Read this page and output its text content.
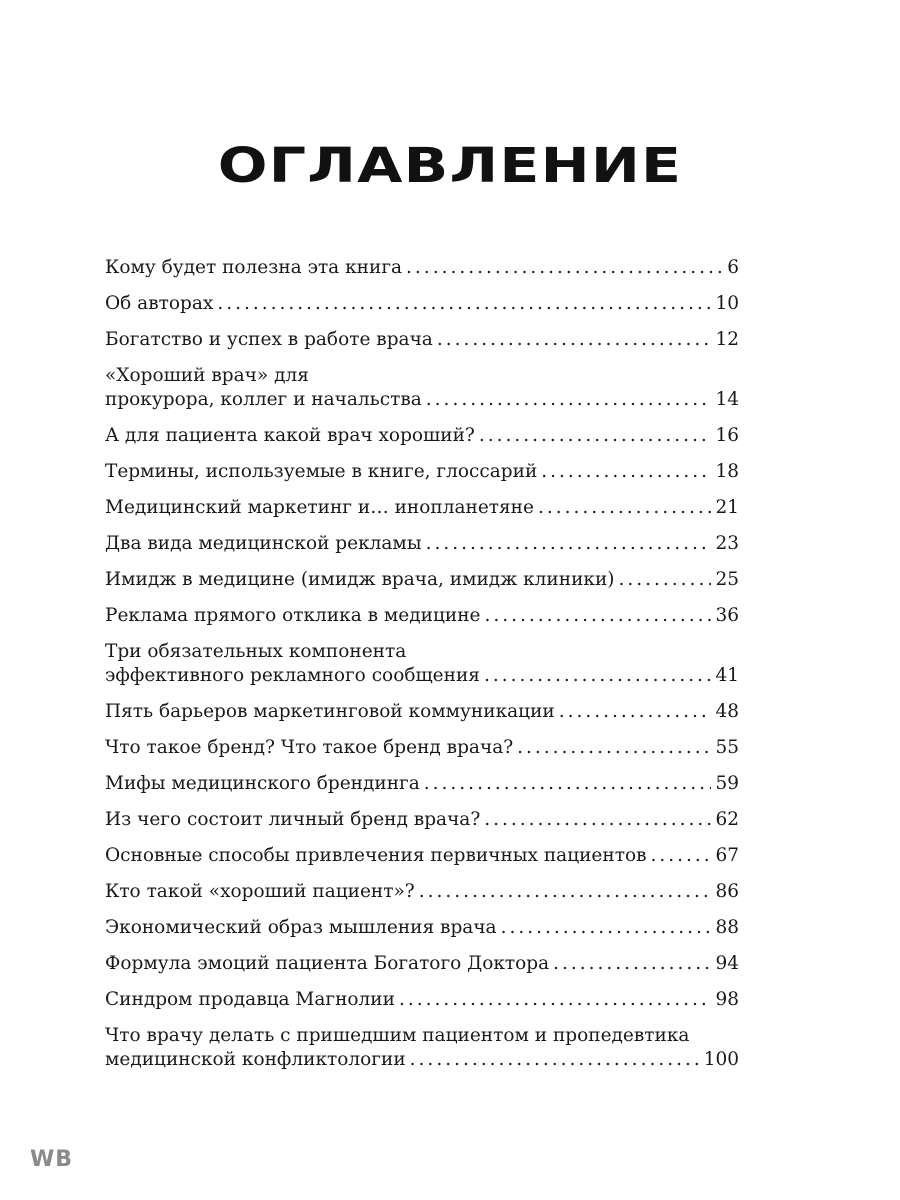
ОГЛАВЛЕНИЕ
Кому будет полезна эта книга .....	6
Об авторах .....	10
Богатство и успех в работе врача .....	12
«Хороший врач» для
прокурора, коллег и начальства .....	14
А для пациента какой врач хороший? .....	16
Термины, используемые в книге, глоссарий .....	18
Медицинский маркетинг и… инопланетяне .....	21
Два вида медицинской рекламы .....	23
Имидж в медицине (имидж врача, имидж клиники) .....	25
Реклама прямого отклика в медицине .....	36
Три обязательных компонента
эффективного рекламного сообщения .....	41
Пять барьеров маркетинговой коммуникации .....	48
Что такое бренд? Что такое бренд врача? .....	55
Мифы медицинского брендинга .....	59
Из чего состоит личный бренд врача? .....	62
Основные способы привлечения первичных пациентов .....	67
Кто такой «хороший пациент»? .....	86
Экономический образ мышления врача .....	88
Формула эмоций пациента Богатого Доктора .....	94
Синдром продавца Магнолии .....	98
Что врачу делать с пришедшим пациентом и пропедевтика
медицинской конфликтологии .....	100
WB
